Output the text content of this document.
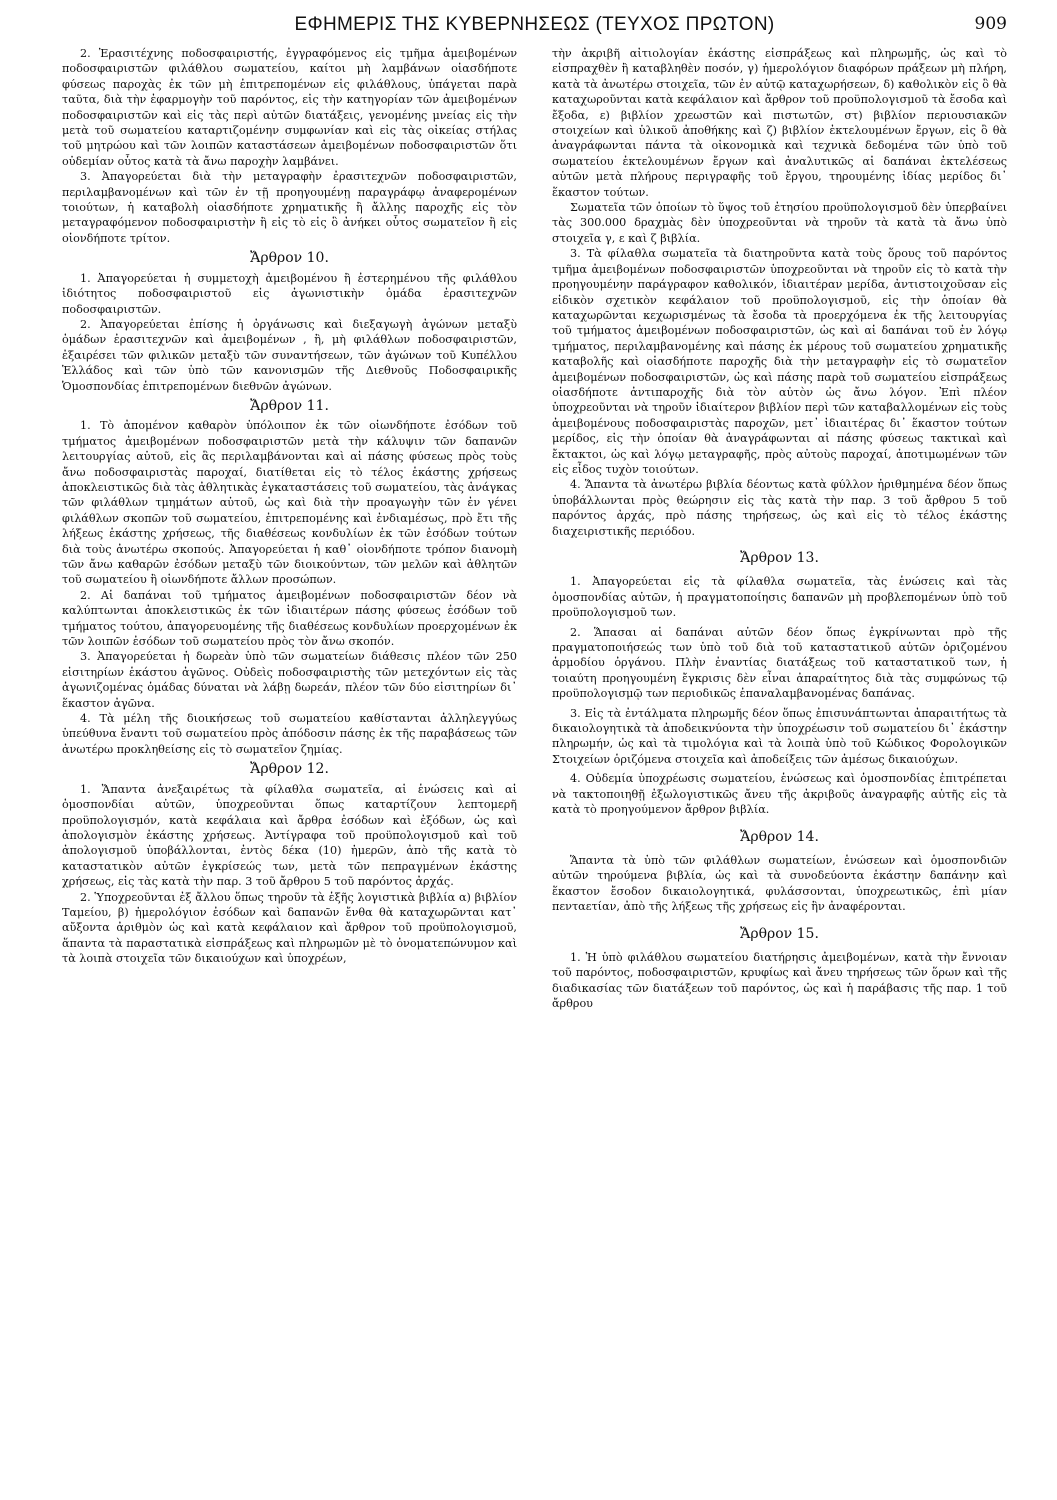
ΕΦΗΜΕΡΙΣ ΤΗΣ ΚΥΒΕΡΝΗΣΕΩΣ (ΤΕΥΧΟΣ ΠΡΩΤΟΝ)	909

2. Ἐρασιτέχνης ποδοσφαιριστής, ἐγγραφόμενος εἰς τμῆμα ἀμειβομένων ποδοσφαιριστῶν φιλάθλου σωματείου, καίτοι μὴ λαμβάνων οἱασδήποτε φύσεως παροχὰς ἐκ τῶν μὴ ἐπιτρεπομένων εἰς φιλάθλους, ὑπάγεται παρὰ ταῦτα, διὰ τὴν ἐφαρμογὴν τοῦ παρόντος, εἰς τὴν κατηγορίαν τῶν ἀμειβομένων ποδοσφαιριστῶν καὶ εἰς τὰς περὶ αὐτῶν διατάξεις, γενομένης μνείας εἰς τὴν μετὰ τοῦ σωματείου καταρτιζομένην συμφωνίαν καὶ εἰς τὰς οἰκείας στήλας τοῦ μητρώου καὶ τῶν λοιπῶν καταστάσεων ἀμειβομένων ποδοσφαιριστῶν ὅτι οὐδεμίαν οὗτος κατὰ τὰ ἄνω παροχὴν λαμβάνει.

3. Ἀπαγορεύεται διὰ τὴν μεταγραφὴν ἐρασιτεχνῶν ποδοσφαιριστῶν, περιλαμβανομένων καὶ τῶν ἐν τῇ προηγουμένῃ παραγράφῳ ἀναφερομένων τοιούτων, ἡ καταβολὴ οἱασδήποτε χρηματικῆς ἢ ἄλλης παροχῆς εἰς τὸν μεταγραφόμενον ποδοσφαιριστὴν ἢ εἰς τὸ εἰς ὃ ἀνήκει οὗτος σωματεῖον ἢ εἰς οἱονδήποτε τρίτον.

Ἄρθρον 10.

1. Ἀπαγορεύεται ἡ συμμετοχὴ ἀμειβομένου ἢ ἐστερημένου τῆς φιλάθλου ἰδιότητος ποδοσφαιριστοῦ εἰς ἀγωνιστικὴν ὁμάδα ἐρασιτεχνῶν ποδοσφαιριστῶν.

2. Ἀπαγορεύεται ἐπίσης ἡ ὀργάνωσις καὶ διεξαγωγὴ ἀγώνων μεταξὺ ὁμάδων ἐρασιτεχνῶν καὶ ἀμειβομένων , ἢ, μὴ φιλάθλων ποδοσφαιριστῶν, ἐξαιρέσει τῶν φιλικῶν μεταξὺ τῶν συναντήσεων, τῶν ἀγώνων τοῦ Κυπέλλου Ἑλλάδος καὶ τῶν ὑπὸ τῶν κανονισμῶν τῆς Διεθνοῦς Ποδοσφαιρικῆς Ὁμοσπονδίας ἐπιτρεπομένων διεθνῶν ἀγώνων.

Ἄρθρον 11.

1. Τὸ ἀπομένον καθαρὸν ὑπόλοιπον ἐκ τῶν οἱωνδήποτε ἐσόδων τοῦ τμήματος ἀμειβομένων ποδοσφαιριστῶν μετὰ τὴν κάλυψιν τῶν δαπανῶν λειτουργίας αὐτοῦ, εἰς ἃς περιλαμβάνονται καὶ αἱ πάσης φύσεως πρὸς τοὺς ἄνω ποδοσφαιριστὰς παροχαί, διατίθεται εἰς τὸ τέλος ἑκάστης χρήσεως ἀποκλειστικῶς διὰ τὰς ἀθλητικὰς ἐγκαταστάσεις τοῦ σωματείου, τὰς ἀνάγκας τῶν φιλάθλων τμημάτων αὐτοῦ, ὡς καὶ διὰ τὴν προαγωγὴν τῶν ἐν γένει φιλάθλων σκοπῶν τοῦ σωματείου, ἐπιτρεπομένης καὶ ἐνδιαμέσως, πρὸ ἔτι τῆς λήξεως ἑκάστης χρήσεως, τῆς διαθέσεως κονδυλίων ἐκ τῶν ἐσόδων τούτων διὰ τοὺς ἀνωτέρω σκοπούς. Ἀπαγορεύεται ἡ καθ᾽ οἱονδήποτε τρόπον διανομὴ τῶν ἄνω καθαρῶν ἐσόδων μεταξὺ τῶν διοικούντων, τῶν μελῶν καὶ ἀθλητῶν τοῦ σωματείου ἢ οἱωνδήποτε ἄλλων προσώπων.

2. Αἱ δαπάναι τοῦ τμήματος ἀμειβομένων ποδοσφαιριστῶν δέον νὰ καλύπτωνται ἀποκλειστικῶς ἐκ τῶν ἰδιαιτέρων πάσης φύσεως ἐσόδων τοῦ τμήματος τούτου, ἀπαγορευομένης τῆς διαθέσεως κονδυλίων προερχομένων ἐκ τῶν λοιπῶν ἐσόδων τοῦ σωματείου πρὸς τὸν ἄνω σκοπόν.

3. Ἀπαγορεύεται ἡ δωρεὰν ὑπὸ τῶν σωματείων διάθεσις πλέον τῶν 250 εἰσιτηρίων ἑκάστου ἀγῶνος. Οὐδεὶς ποδοσφαιριστὴς τῶν μετεχόντων εἰς τὰς ἀγωνιζομένας ὁμάδας δύναται νὰ λάβῃ δωρεάν, πλέον τῶν δύο εἰσιτηρίων δι᾽ ἕκαστον ἀγῶνα.

4. Τὰ μέλη τῆς διοικήσεως τοῦ σωματείου καθίστανται ἀλληλεγγύως ὑπεύθυνα ἔναντι τοῦ σωματείου πρὸς ἀπόδοσιν πάσης ἐκ τῆς παραβάσεως τῶν ἀνωτέρω προκληθείσης εἰς τὸ σωματεῖον ζημίας.

Ἄρθρον 12.

1. Ἅπαντα ἀνεξαιρέτως τὰ φίλαθλα σωματεῖα, αἱ ἑνώσεις καὶ αἱ ὁμοσπονδίαι αὐτῶν, ὑποχρεοῦνται ὅπως καταρτίζουν λεπτομερῆ προϋπολογισμόν, κατὰ κεφάλαια καὶ ἄρθρα ἐσόδων καὶ ἐξόδων, ὡς καὶ ἀπολογισμὸν ἑκάστης χρήσεως. Ἀντίγραφα τοῦ προϋπολογισμοῦ καὶ τοῦ ἀπολογισμοῦ ὑποβάλλονται, ἐντὸς δέκα (10) ἡμερῶν, ἀπὸ τῆς κατὰ τὸ καταστατικὸν αὐτῶν ἐγκρίσεώς των, μετὰ τῶν πεπραγμένων ἑκάστης χρήσεως, εἰς τὰς κατὰ τὴν παρ. 3 τοῦ ἄρθρου 5 τοῦ παρόντος ἀρχάς.

2. Ὑποχρεοῦνται ἐξ ἄλλου ὅπως τηροῦν τὰ ἑξῆς λογιστικὰ βιβλία α) βιβλίον Ταμείου, β) ἡμερολόγιον ἐσόδων καὶ δαπανῶν ἔνθα θὰ καταχωρῶνται κατ᾽ αὔξοντα ἀριθμὸν ὡς καὶ κατὰ κεφάλαιον καὶ ἄρθρον τοῦ προϋπολογισμοῦ, ἅπαντα τὰ παραστατικὰ εἰσπράξεως καὶ πληρωμῶν μὲ τὸ ὀνοματεπώνυμον καὶ τὰ λοιπὰ στοιχεῖα τῶν δικαιούχων καὶ ὑποχρέων,

τὴν ἀκριβῆ αἰτιολογίαν ἑκάστης εἰσπράξεως καὶ πληρωμῆς, ὡς καὶ τὸ εἰσπραχθὲν ἢ καταβληθὲν ποσόν, γ) ἡμερολόγιον διαφόρων πράξεων μὴ πλήρη, κατὰ τὰ ἀνωτέρω στοιχεῖα, τῶν ἐν αὐτῷ καταχωρήσεων, δ) καθολικὸν εἰς ὃ θὰ καταχωροῦνται κατὰ κεφάλαιον καὶ ἄρθρον τοῦ προϋπολογισμοῦ τὰ ἔσοδα καὶ ἔξοδα, ε) βιβλίον χρεωστῶν καὶ πιστωτῶν, στ) βιβλίον περιουσιακῶν στοιχείων καὶ ὑλικοῦ ἀποθήκης καὶ ζ) βιβλίον ἐκτελουμένων ἔργων, εἰς ὃ θὰ ἀναγράφωνται πάντα τὰ οἰκονομικὰ καὶ τεχνικὰ δεδομένα τῶν ὑπὸ τοῦ σωματείου ἐκτελουμένων ἔργων καὶ ἀναλυτικῶς αἱ δαπάναι ἐκτελέσεως αὐτῶν μετὰ πλήρους περιγραφῆς τοῦ ἔργου, τηρουμένης ἰδίας μερίδος δι᾽ ἕκαστον τούτων.

Σωματεῖα τῶν ὁποίων τὸ ὕψος τοῦ ἐτησίου προϋπολογισμοῦ δὲν ὑπερβαίνει τὰς 300.000 δραχμὰς δὲν ὑποχρεοῦνται νὰ τηροῦν τὰ κατὰ τὰ ἄνω ὑπὸ στοιχεῖα γ, ε καὶ ζ βιβλία.

3. Τὰ φίλαθλα σωματεῖα τὰ διατηροῦντα κατὰ τοὺς ὅρους τοῦ παρόντος τμῆμα ἀμειβομένων ποδοσφαιριστῶν ὑποχρεοῦνται νὰ τηροῦν εἰς τὸ κατὰ τὴν προηγουμένην παράγραφον καθολικόν, ἰδιαιτέραν μερίδα, ἀντιστοιχοῦσαν εἰς εἰδικὸν σχετικὸν κεφάλαιον τοῦ προϋπολογισμοῦ, εἰς τὴν ὁποίαν θὰ καταχωρῶνται κεχωρισμένως τὰ ἔσοδα τὰ προερχόμενα ἐκ τῆς λειτουργίας τοῦ τμήματος ἀμειβομένων ποδοσφαιριστῶν, ὡς καὶ αἱ δαπάναι τοῦ ἐν λόγῳ τμήματος, περιλαμβανομένης καὶ πάσης ἐκ μέρους τοῦ σωματείου χρηματικῆς καταβολῆς καὶ οἱασδήποτε παροχῆς διὰ τὴν μεταγραφὴν εἰς τὸ σωματεῖον ἀμειβομένων ποδοσφαιριστῶν, ὡς καὶ πάσης παρὰ τοῦ σωματείου εἰσπράξεως οἱασδήποτε ἀντιπαροχῆς διὰ τὸν αὐτὸν ὡς ἄνω λόγον. Ἐπὶ πλέον ὑποχρεοῦνται νὰ τηροῦν ἰδιαίτερον βιβλίον περὶ τῶν καταβαλλομένων εἰς τοὺς ἀμειβομένους ποδοσφαιριστὰς παροχῶν, μετ᾽ ἰδιαιτέρας δι᾽ ἕκαστον τούτων μερίδος, εἰς τὴν ὁποίαν θὰ ἀναγράφωνται αἱ πάσης φύσεως τακτικαὶ καὶ ἔκτακτοι, ὡς καὶ λόγῳ μεταγραφῆς, πρὸς αὐτοὺς παροχαί, ἀποτιμωμένων τῶν εἰς εἶδος τυχὸν τοιούτων.

4. Ἅπαντα τὰ ἀνωτέρω βιβλία δέοντως κατὰ φύλλον ἠριθμημένα δέον ὅπως ὑποβάλλωνται πρὸς θεώρησιν εἰς τὰς κατὰ τὴν παρ. 3 τοῦ ἄρθρου 5 τοῦ παρόντος ἀρχάς, πρὸ πάσης τηρήσεως, ὡς καὶ εἰς τὸ τέλος ἑκάστης διαχειριστικῆς περιόδου.

Ἄρθρον 13.

1. Ἀπαγορεύεται εἰς τὰ φίλαθλα σωματεῖα, τὰς ἑνώσεις καὶ τὰς ὁμοσπονδίας αὐτῶν, ἡ πραγματοποίησις δαπανῶν μὴ προβλεπομένων ὑπὸ τοῦ προϋπολογισμοῦ των.

2. Ἅπασαι αἱ δαπάναι αὐτῶν δέον ὅπως ἐγκρίνωνται πρὸ τῆς πραγματοποιήσεώς των ὑπὸ τοῦ διὰ τοῦ καταστατικοῦ αὐτῶν ὁριζομένου ἁρμοδίου ὀργάνου. Πλὴν ἐναντίας διατάξεως τοῦ καταστατικοῦ των, ἡ τοιαύτη προηγουμένη ἔγκρισις δὲν εἶναι ἀπαραίτητος διὰ τὰς συμφώνως τῷ προϋπολογισμῷ των περιοδικῶς ἐπαναλαμβανομένας δαπάνας.

3. Εἰς τὰ ἐντάλματα πληρωμῆς δέον ὅπως ἐπισυνάπτωνται ἀπαραιτήτως τὰ δικαιολογητικὰ τὰ ἀποδεικνύοντα τὴν ὑποχρέωσιν τοῦ σωματείου δι᾽ ἑκάστην πληρωμήν, ὡς καὶ τὰ τιμολόγια καὶ τὰ λοιπὰ ὑπὸ τοῦ Κώδικος Φορολογικῶν Στοιχείων ὁριζόμενα στοιχεῖα καὶ ἀποδείξεις τῶν ἀμέσως δικαιούχων.

4. Οὐδεμία ὑποχρέωσις σωματείου, ἑνώσεως καὶ ὁμοσπονδίας ἐπιτρέπεται νὰ τακτοποιηθῇ ἐξωλογιστικῶς ἄνευ τῆς ἀκριβοῦς ἀναγραφῆς αὐτῆς εἰς τὰ κατὰ τὸ προηγούμενον ἄρθρον βιβλία.

Ἄρθρον 14.

Ἅπαντα τὰ ὑπὸ τῶν φιλάθλων σωματείων, ἑνώσεων καὶ ὁμοσπονδιῶν αὐτῶν τηρούμενα βιβλία, ὡς καὶ τὰ συνοδεύοντα ἑκάστην δαπάνην καὶ ἕκαστον ἔσοδον δικαιολογητικά, φυλάσσονται, ὑποχρεωτικῶς, ἐπὶ μίαν πενταετίαν, ἀπὸ τῆς λήξεως τῆς χρήσεως εἰς ἣν ἀναφέρονται.

Ἄρθρον 15.

1. Ἡ ὑπὸ φιλάθλου σωματείου διατήρησις ἀμειβομένων, κατὰ τὴν ἔννοιαν τοῦ παρόντος, ποδοσφαιριστῶν, κρυφίως καὶ ἄνευ τηρήσεως τῶν ὅρων καὶ τῆς διαδικασίας τῶν διατάξεων τοῦ παρόντος, ὡς καὶ ἡ παράβασις τῆς παρ. 1 τοῦ ἄρθρου
